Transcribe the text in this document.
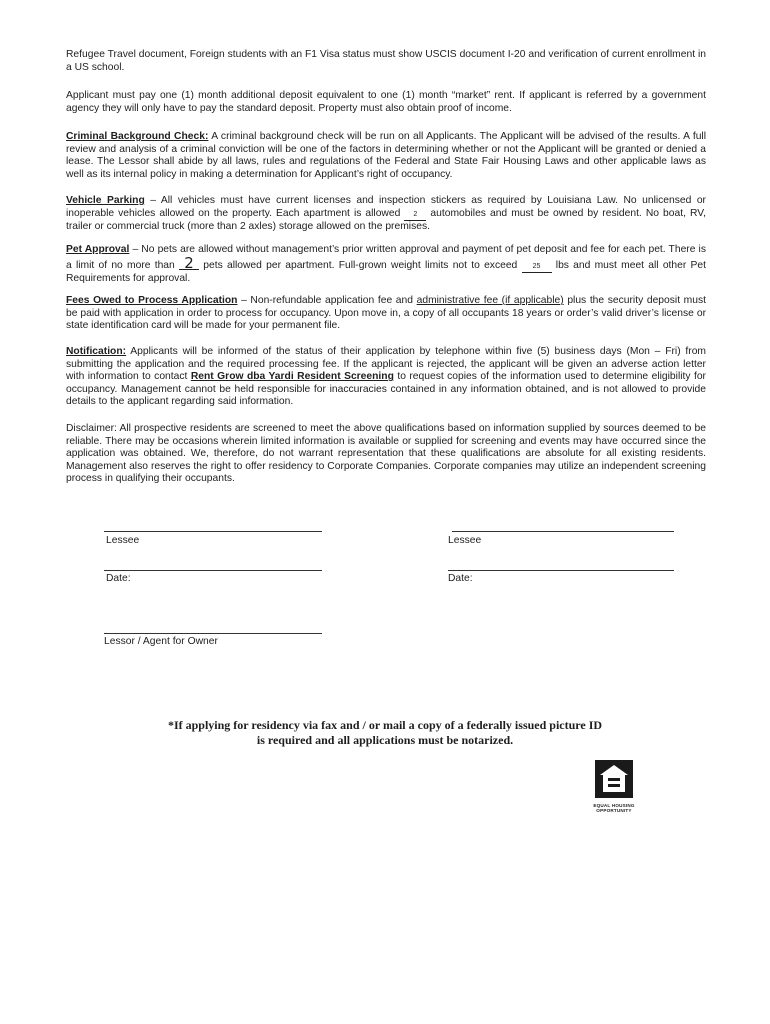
Refugee Travel document, Foreign students with an F1 Visa status must show USCIS document I-20 and verification of current enrollment in a US school.

Applicant must pay one (1) month additional deposit equivalent to one (1) month “market” rent. If applicant is referred by a government agency they will only have to pay the standard deposit. Property must also obtain proof of income.

Criminal Background Check: A criminal background check will be run on all Applicants. The Applicant will be advised of the results. A full review and analysis of a criminal conviction will be one of the factors in determining whether or not the Applicant will be granted or denied a lease. The Lessor shall abide by all laws, rules and regulations of the Federal and State Fair Housing Laws and other applicable laws as well as its internal policy in making a determination for Applicant’s right of occupancy.

Vehicle Parking – All vehicles must have current licenses and inspection stickers as required by Louisiana Law. No unlicensed or inoperable vehicles allowed on the property. Each apartment is allowed 2 automobiles and must be owned by resident. No boat, RV, trailer or commercial truck (more than 2 axles) storage allowed on the premises.

Pet Approval – No pets are allowed without management’s prior written approval and payment of pet deposit and fee for each pet. There is a limit of no more than 2 pets allowed per apartment. Full-grown weight limits not to exceed 25 lbs and must meet all other Pet Requirements for approval.

Fees Owed to Process Application – Non-refundable application fee and administrative fee (if applicable) plus the security deposit must be paid with application in order to process for occupancy. Upon move in, a copy of all occupants 18 years or order’s valid driver’s license or state identification card will be made for your permanent file.

Notification: Applicants will be informed of the status of their application by telephone within five (5) business days (Mon – Fri) from submitting the application and the required processing fee. If the applicant is rejected, the applicant will be given an adverse action letter with information to contact Rent Grow dba Yardi Resident Screening to request copies of the information used to determine eligibility for occupancy. Management cannot be held responsible for inaccuracies contained in any information obtained, and is not allowed to provide details to the applicant regarding said information.

Disclaimer: All prospective residents are screened to meet the above qualifications based on information supplied by sources deemed to be reliable. There may be occasions wherein limited information is available or supplied for screening and events may have occurred since the application was obtained. We, therefore, do not warrant representation that these qualifications are absolute for all existing residents. Management also reserves the right to offer residency to Corporate Companies. Corporate companies may utilize an independent screening process in qualifying their occupants.

Lessee	Lessee
Date:	Date:
Lessor / Agent for Owner
*If applying for residency via fax and / or mail a copy of a federally issued picture ID
is required and all applications must be notarized.
EQUAL HOUSING
OPPORTUNITY
